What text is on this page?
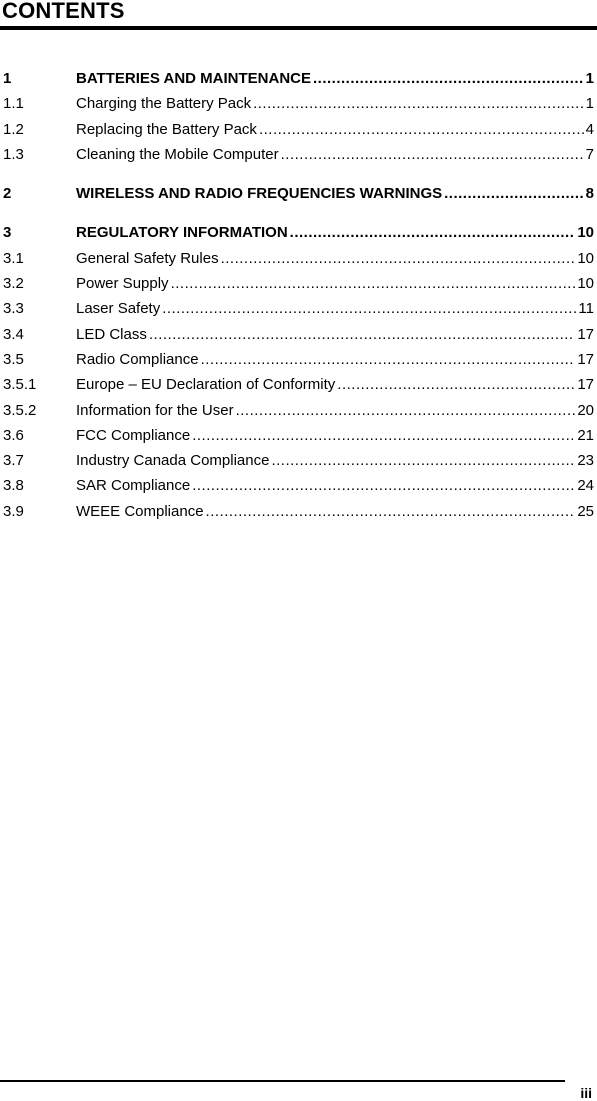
CONTENTS
1	BATTERIES AND MAINTENANCE .....	1
1.1	Charging the Battery Pack .....	1
1.2	Replacing the Battery Pack .....	4
1.3	Cleaning the Mobile Computer .....	7
2	WIRELESS AND RADIO FREQUENCIES WARNINGS .....	8
3	REGULATORY INFORMATION .....	10
3.1	General Safety Rules .....	10
3.2	Power Supply .....	10
3.3	Laser Safety .....	11
3.4	LED Class .....	17
3.5	Radio Compliance .....	17
3.5.1	Europe – EU Declaration of Conformity .....	17
3.5.2	Information for the User .....	20
3.6	FCC Compliance .....	21
3.7	Industry Canada Compliance .....	23
3.8	SAR Compliance .....	24
3.9	WEEE Compliance .....	25
iii
